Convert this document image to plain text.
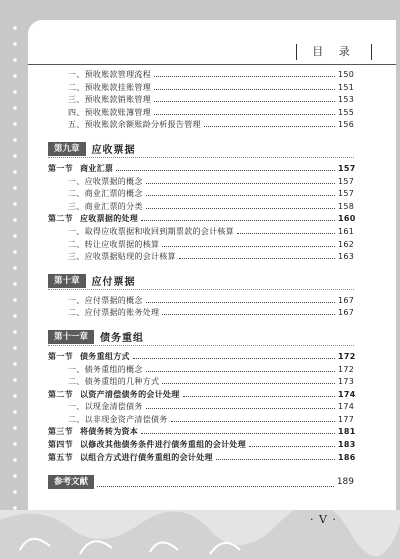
目 录
一、预收账款管理流程	150
二、预收账款挂账管理	151
三、预收账款销账管理	153
四、预收账款账簿管理	155
五、预收账款余额账龄分析报告管理	156
第九章	应收票据
第一节 商业汇票	157
一、应收票据的概念	157
二、商业汇票的概念	157
三、商业汇票的分类	158
第二节 应收票据的处理	160
一、取得应收票据和收回到期票款的会计核算	161
二、转让应收票据的核算	162
三、应收票据贴现的会计核算	163
第十章	应付票据
一、应付票据的概念	167
二、应付票据的账务处理	167
第十一章	债务重组
第一节 债务重组方式	172
一、债务重组的概念	172
二、债务重组的几种方式	173
第二节 以资产清偿债务的会计处理	174
一、以现金清偿债务	174
二、以非现金资产清偿债务	177
第三节 将债务转为资本	181
第四节 以修改其他债务条件进行债务重组的会计处理	183
第五节 以组合方式进行债务重组的会计处理	186
参考文献	189
· V ·
